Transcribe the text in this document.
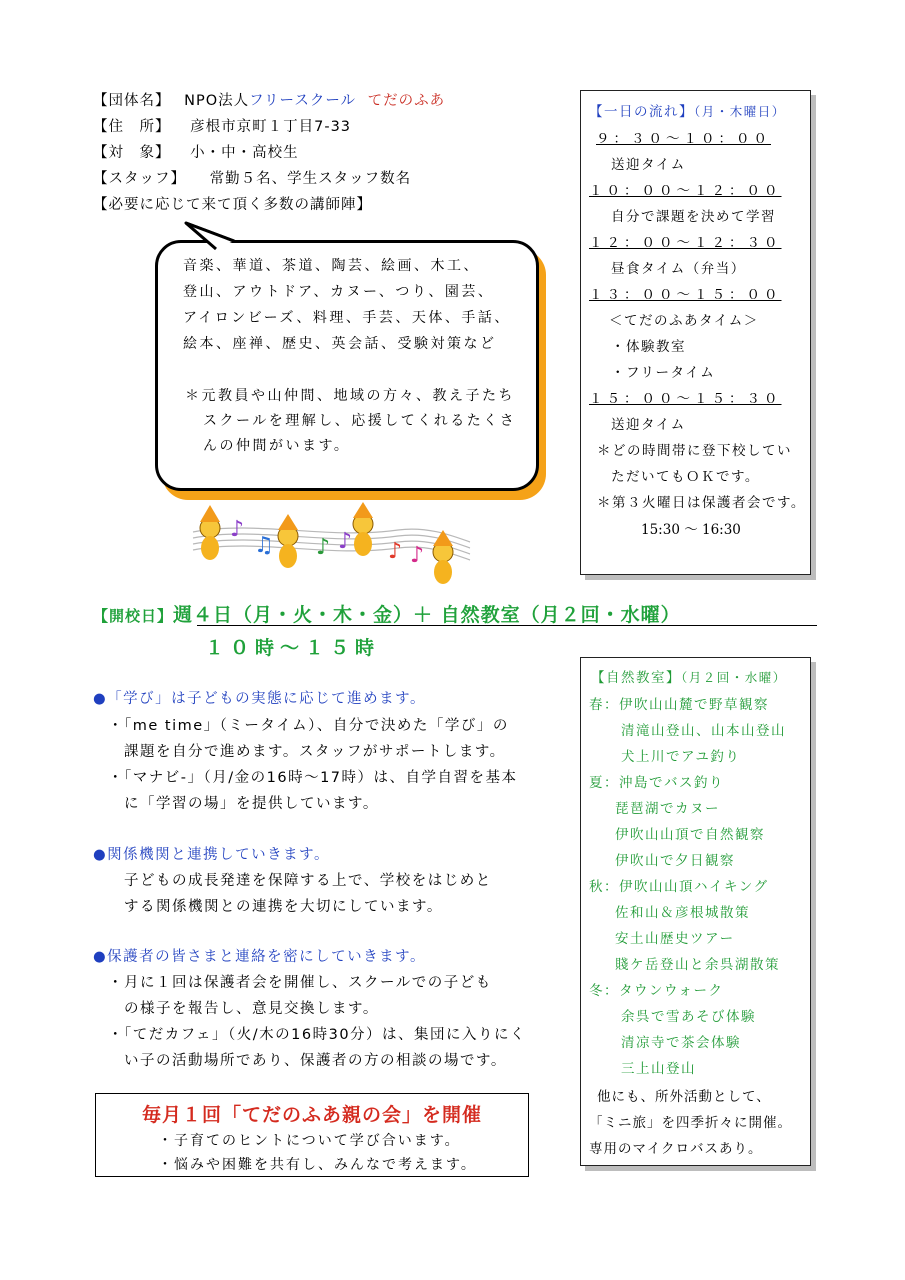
【団体名】 NPO法人フリースクール てだのふあ
【住　所】 彦根市京町１丁目7-33
【対　象】 小・中・高校生
【スタッフ】 常勤５名、学生スタッフ数名
【必要に応じて来て頂く多数の講師陣】
音楽、華道、茶道、陶芸、絵画、木工、
登山、アウトドア、カヌー、つり、園芸、
アイロンビーズ、料理、手芸、天体、手話、
絵本、座禅、歴史、英会話、受験対策など
＊元教員や山仲間、地域の方々、教え子たち
スクールを理解し、応援してくれるたくさ
んの仲間がいます。
♪
♫ ♪ ♪ ♪ ♪
【一日の流れ】（月・木曜日）
９：３０～１０：００
送迎タイム
１０：００～１２：００
自分で課題を決めて学習
１２：００～１２：３０
昼食タイム（弁当）
１３：００～１５：００
＜てだのふあタイム＞
・体験教室
・フリータイム
１５：００～１５：３０
送迎タイム
＊どの時間帯に登下校してい
ただいてもＯＫです。
＊第３火曜日は保護者会です。
15:30 ～ 16:30
【開校日】週４日（月・火・木・金）＋ 自然教室（月２回・水曜）
１０時～１５時
●「学び」は子どもの実態に応じて進めます。
・「me time」（ミータイム）、自分で決めた「学び」の
　課題を自分で進めます。スタッフがサポートします。
・「マナビ-」（月/金の16時～17時）は、自学自習を基本
　に「学習の場」を提供しています。
●関係機関と連携していきます。
　子どもの成長発達を保障する上で、学校をはじめと
　する関係機関との連携を大切にしています。
●保護者の皆さまと連絡を密にしていきます。
・月に１回は保護者会を開催し、スクールでの子ども
　の様子を報告し、意見交換します。
・「てだカフェ」（火/木の16時30分）は、集団に入りにく
　い子の活動場所であり、保護者の方の相談の場です。
毎月１回「てだのふあ親の会」を開催
・子育てのヒントについて学び合います。
・悩みや困難を共有し、みんなで考えます。
【自然教室】（月２回・水曜）
春：伊吹山山麓で野草観察
清滝山登山、山本山登山
犬上川でアユ釣り
夏：沖島でバス釣り
琵琶湖でカヌー
伊吹山山頂で自然観察
伊吹山で夕日観察
秋：伊吹山山頂ハイキング
佐和山＆彦根城散策
安土山歴史ツアー
賤ケ岳登山と余呉湖散策
冬：タウンウォーク
余呉で雪あそび体験
清凉寺で茶会体験
三上山登山
他にも、所外活動として、
「ミニ旅」を四季折々に開催。
専用のマイクロバスあり。
